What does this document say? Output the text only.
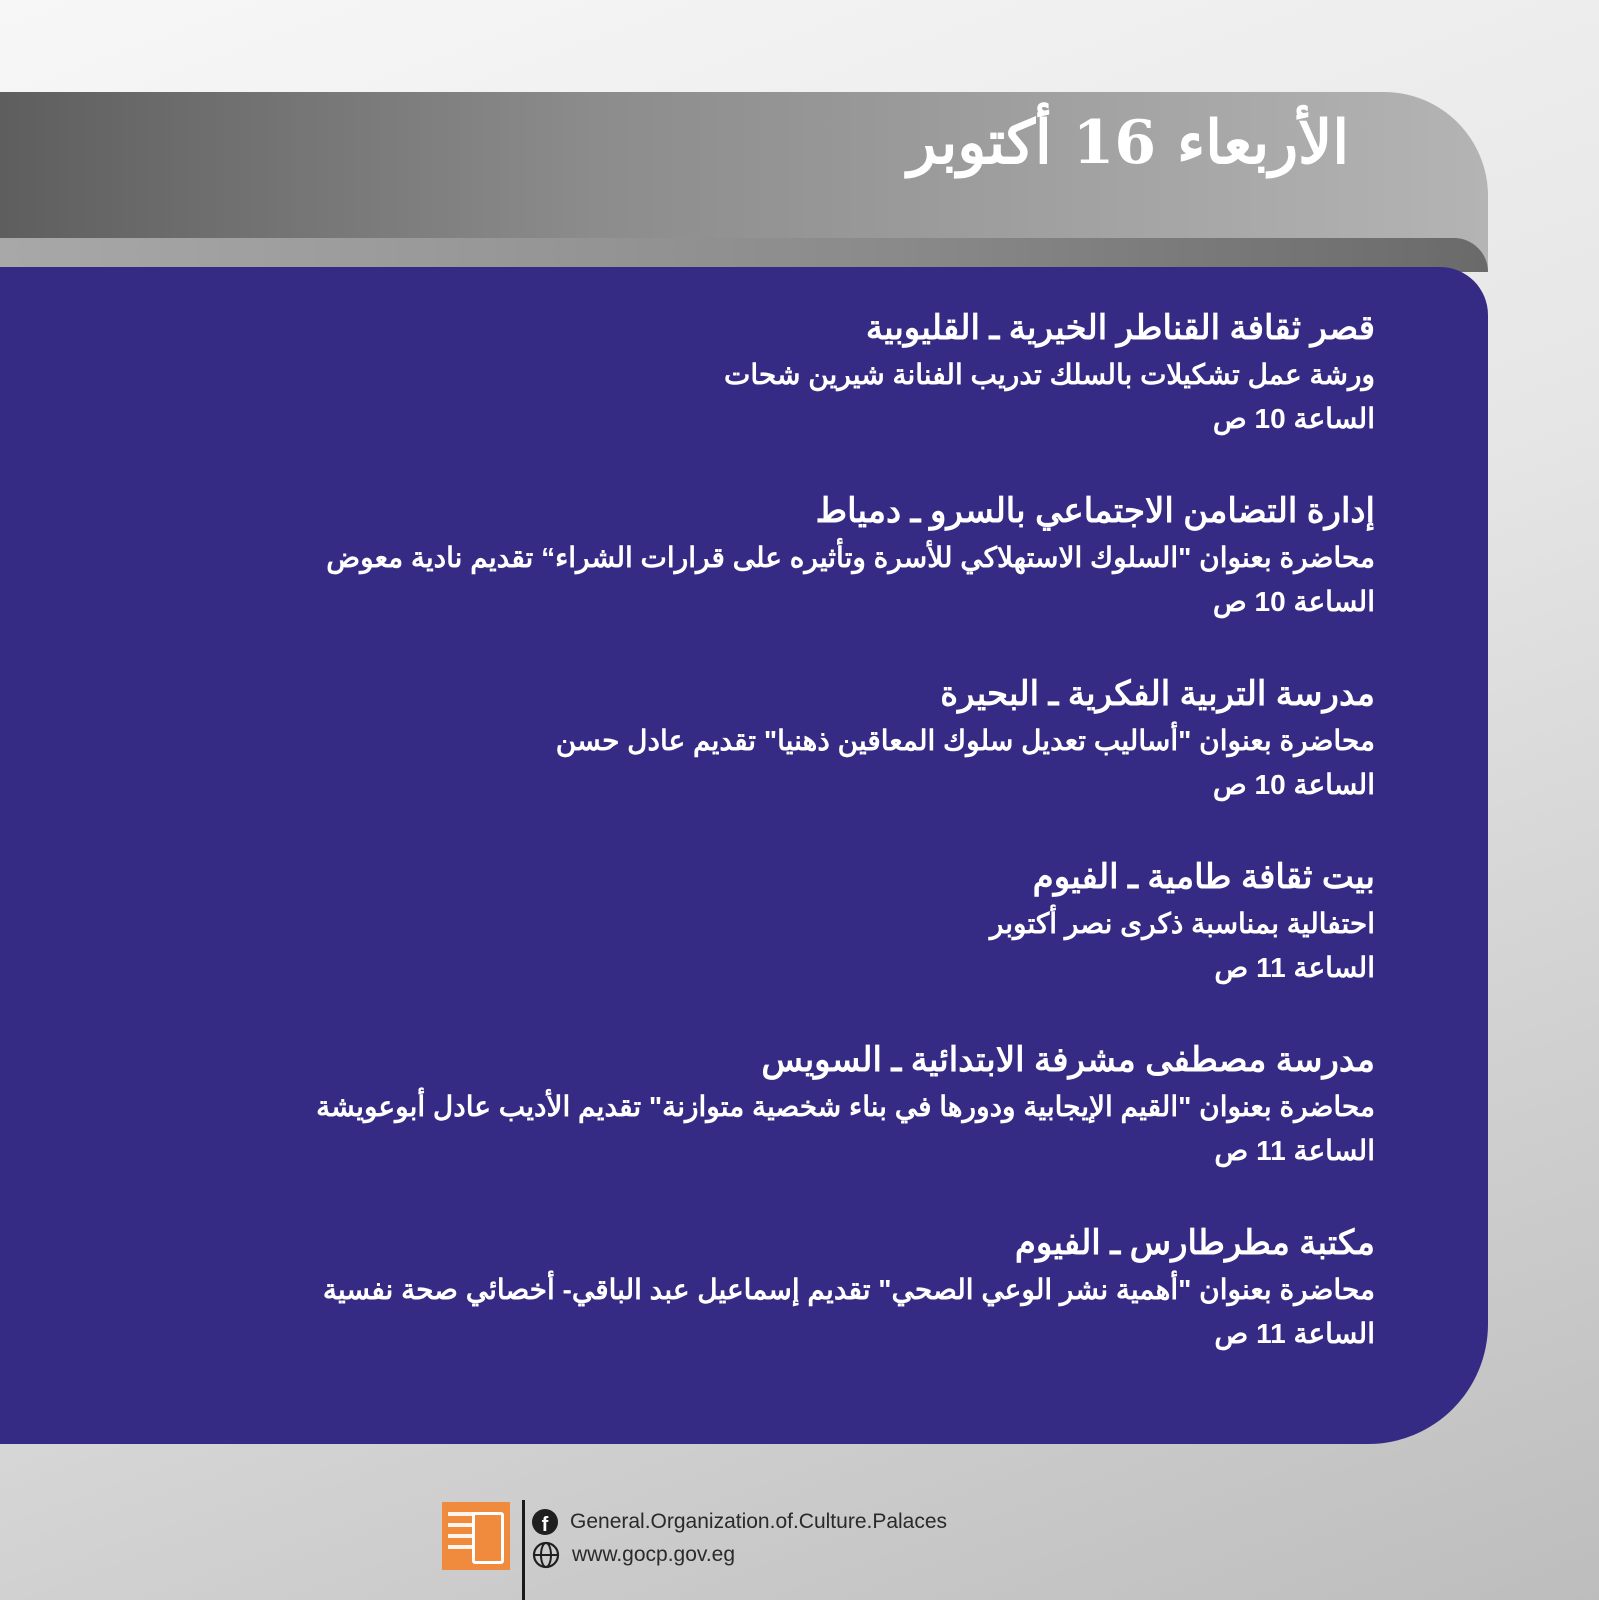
الأربعاء 16 أكتوبر
قصر ثقافة القناطر الخيرية ـ القليوبية
ورشة عمل تشكيلات بالسلك تدريب الفنانة شيرين شحات
الساعة 10 ص
إدارة التضامن الاجتماعي بالسرو ـ دمياط
محاضرة بعنوان "السلوك الاستهلاكي للأسرة وتأثيره على قرارات الشراء“ تقديم نادية معوض
الساعة 10 ص
مدرسة التربية الفكرية ـ البحيرة
محاضرة بعنوان "أساليب تعديل سلوك المعاقين ذهنيا" تقديم عادل حسن
الساعة 10 ص
بيت ثقافة طامية ـ الفيوم
احتفالية بمناسبة ذكرى نصر أكتوبر
الساعة 11 ص
مدرسة مصطفى مشرفة الابتدائية ـ السويس
محاضرة بعنوان "القيم الإيجابية ودورها في بناء شخصية متوازنة" تقديم الأديب عادل أبوعويشة
الساعة 11 ص
مكتبة مطرطارس ـ الفيوم
محاضرة بعنوان "أهمية نشر الوعي الصحي" تقديم إسماعيل عبد الباقي- أخصائي صحة نفسية
الساعة 11 ص
f	General.Organization.of.Culture.Palaces
www.gocp.gov.eg
